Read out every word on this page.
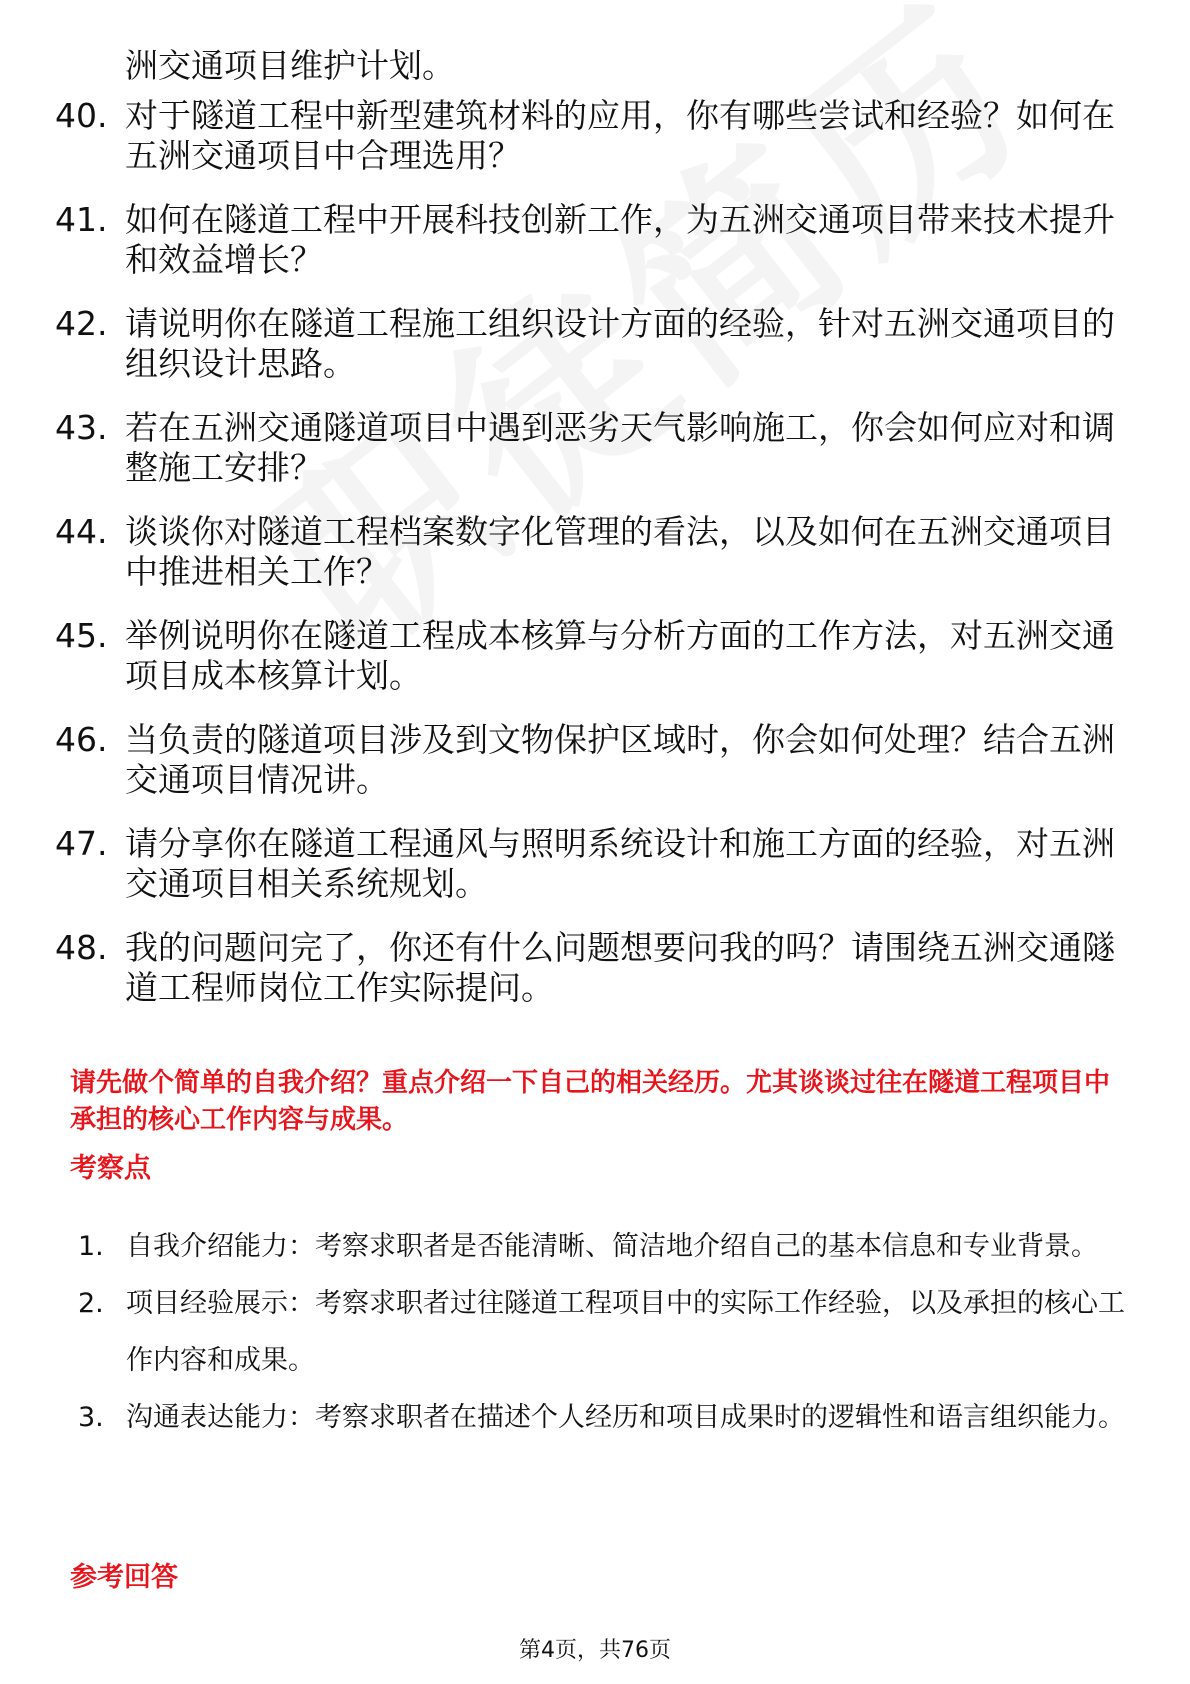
洲交通项目维护计划。

40. 对于隧道工程中新型建筑材料的应用，你有哪些尝试和经验？如何在五洲交通项目中合理选用？
41. 如何在隧道工程中开展科技创新工作，为五洲交通项目带来技术提升和效益增长？
42. 请说明你在隧道工程施工组织设计方面的经验，针对五洲交通项目的组织设计思路。
43. 若在五洲交通隧道项目中遇到恶劣天气影响施工，你会如何应对和调整施工安排？
44. 谈谈你对隧道工程档案数字化管理的看法，以及如何在五洲交通项目中推进相关工作？
45. 举例说明你在隧道工程成本核算与分析方面的工作方法，对五洲交通项目成本核算计划。
46. 当负责的隧道项目涉及到文物保护区域时，你会如何处理？结合五洲交通项目情况讲。
47. 请分享你在隧道工程通风与照明系统设计和施工方面的经验，对五洲交通项目相关系统规划。
48. 我的问题问完了，你还有什么问题想要问我的吗？请围绕五洲交通隧道工程师岗位工作实际提问。

请先做个简单的自我介绍？重点介绍一下自己的相关经历。尤其谈谈过往在隧道工程项目中承担的核心工作内容与成果。

考察点
1. 自我介绍能力：考察求职者是否能清晰、简洁地介绍自己的基本信息和专业背景。
2. 项目经验展示：考察求职者过往隧道工程项目中的实际工作经验，以及承担的核心工作内容和成果。
3. 沟通表达能力：考察求职者在描述个人经历和项目成果时的逻辑性和语言组织能力。
参考回答

第4页，共76页
